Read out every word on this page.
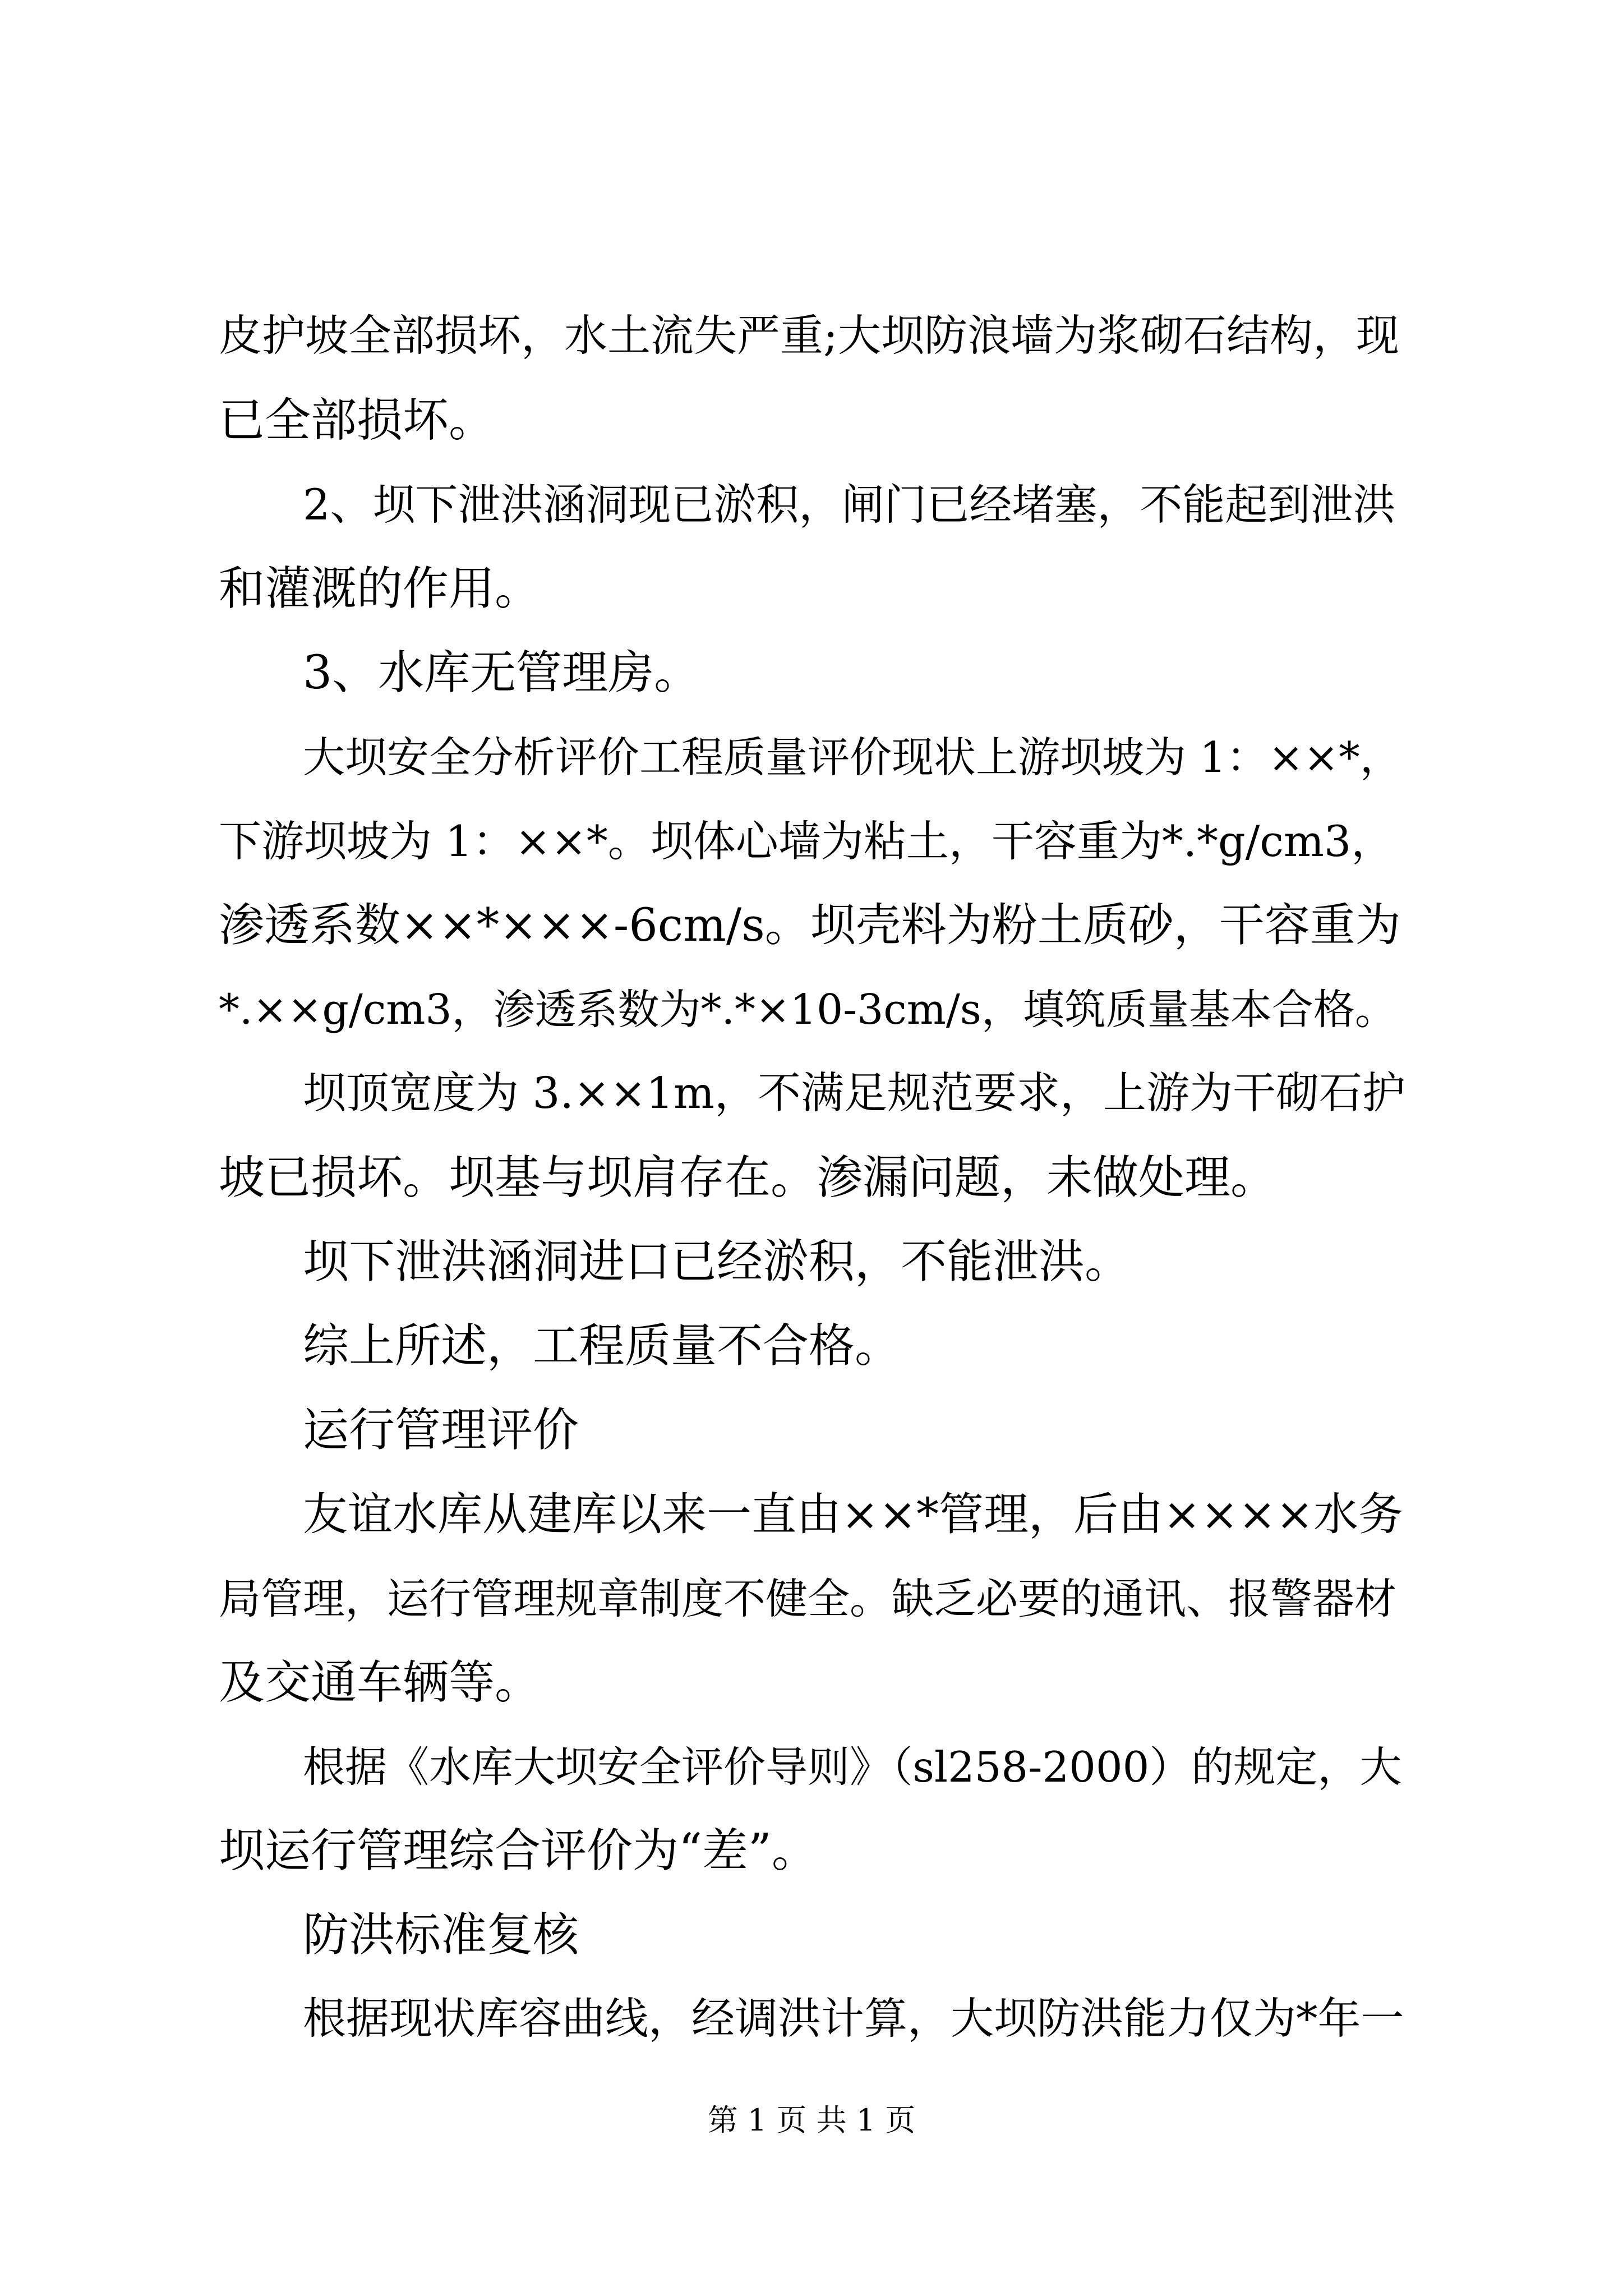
皮护坡全部损坏，水土流失严重;大坝防浪墙为浆砌石结构，现
已全部损坏。
2、坝下泄洪涵洞现已淤积，闸门已经堵塞，不能起到泄洪
和灌溉的作用。
3、水库无管理房。
大坝安全分析评价工程质量评价现状上游坝坡为 1：××*，
下游坝坡为 1：××*。坝体心墙为粘土，干容重为*.*g/cm3，
渗透系数××*×××-6cm/s。坝壳料为粉土质砂，干容重为
*.××g/cm3，渗透系数为*.*×10-3cm/s，填筑质量基本合格。
坝顶宽度为 3.××1m，不满足规范要求，上游为干砌石护
坡已损坏。坝基与坝肩存在。渗漏问题，未做处理。
坝下泄洪涵洞进口已经淤积，不能泄洪。
综上所述，工程质量不合格。
运行管理评价
友谊水库从建库以来一直由××*管理，后由××××水务
局管理，运行管理规章制度不健全。缺乏必要的通讯、报警器材
及交通车辆等。
根据《水库大坝安全评价导则》（sl258-2000）的规定，大
坝运行管理综合评价为“差”。
防洪标准复核
根据现状库容曲线，经调洪计算，大坝防洪能力仅为*年一
第 1 页 共 1 页
